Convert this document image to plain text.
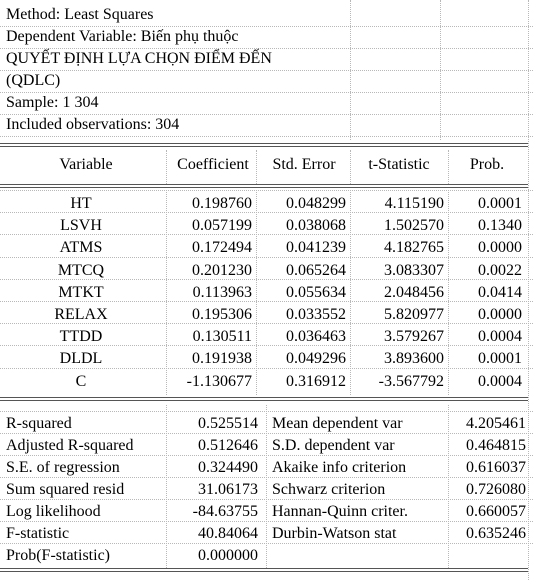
Method: Least Squares
Dependent Variable: Biến phụ thuộc
QUYẾT ĐỊNH LỰA CHỌN ĐIỂM ĐẾN
(QDLC)
Sample: 1 304
Included observations: 304
Variable	Coefficient	Std. Error	t-Statistic	Prob.
HT	0.198760	0.048299	4.115190	0.0001
LSVH	0.057199	0.038068	1.502570	0.1340
ATMS	0.172494	0.041239	4.182765	0.0000
MTCQ	0.201230	0.065264	3.083307	0.0022
MTKT	0.113963	0.055634	2.048456	0.0414
RELAX	0.195306	0.033552	5.820977	0.0000
TTDD	0.130511	0.036463	3.579267	0.0004
DLDL	0.191938	0.049296	3.893600	0.0001
C	-1.130677	0.316912	-3.567792	0.0004
R-squared	0.525514 Mean dependent var	4.205461
Adjusted R-squared	0.512646 S.D. dependent var	0.464815
S.E. of regression	0.324490 Akaike info criterion	0.616037
Sum squared resid	31.06173 Schwarz criterion	0.726080
Log likelihood	-84.63755 Hannan-Quinn criter.	0.660057
F-statistic	40.84064 Durbin-Watson stat	0.635246
Prob(F-statistic)	0.000000
